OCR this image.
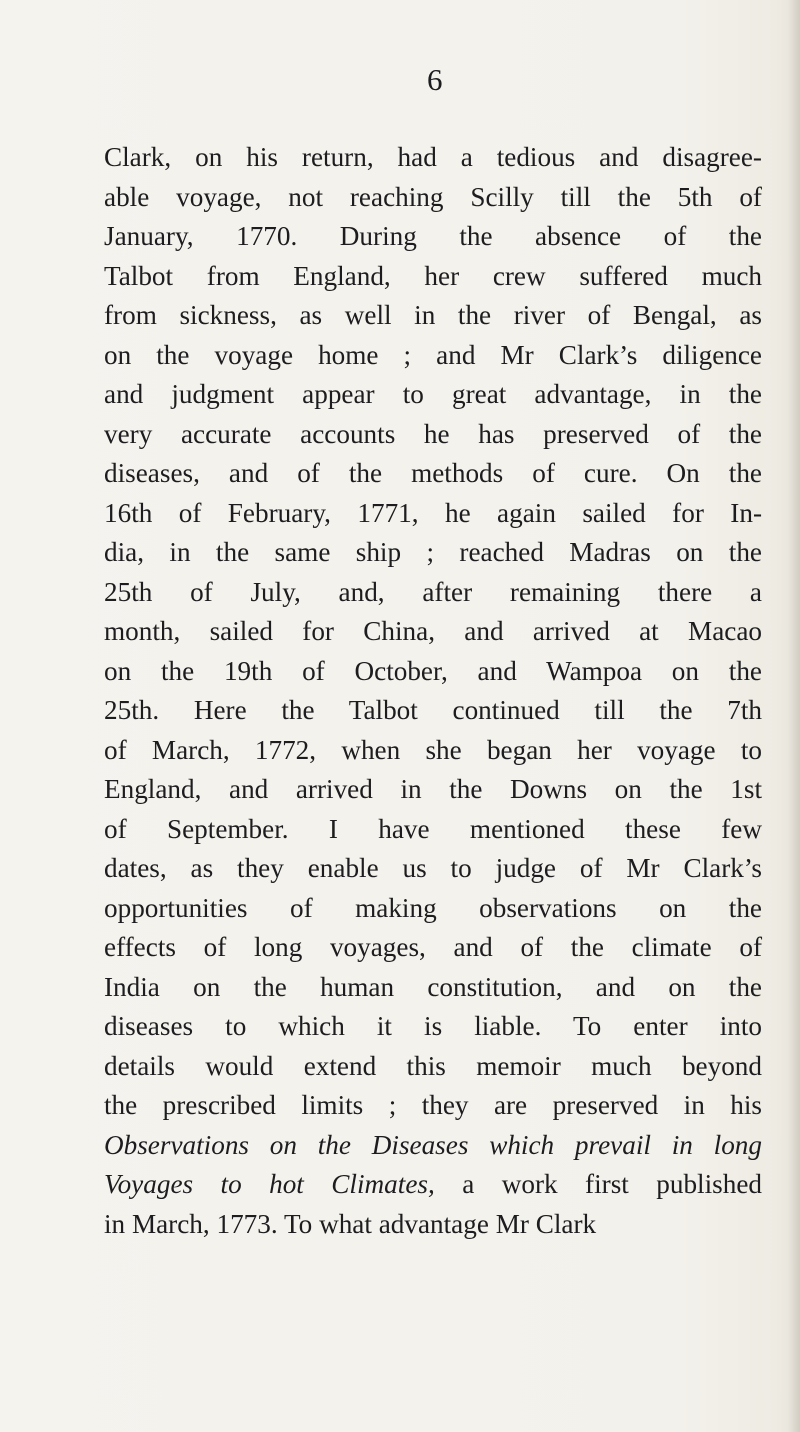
6
Clark, on his return, had a tedious and disagree-
able voyage, not reaching Scilly till the 5th of
January, 1770. During the absence of the
Talbot from England, her crew suffered much
from sickness, as well in the river of Bengal, as
on the voyage home ; and Mr Clark’s diligence
and judgment appear to great advantage, in the
very accurate accounts he has preserved of the
diseases, and of the methods of cure. On the
16th of February, 1771, he again sailed for In-
dia, in the same ship ; reached Madras on the
25th of July, and, after remaining there a
month, sailed for China, and arrived at Macao
on the 19th of October, and Wampoa on the
25th. Here the Talbot continued till the 7th
of March, 1772, when she began her voyage to
England, and arrived in the Downs on the 1st
of September. I have mentioned these few
dates, as they enable us to judge of Mr Clark’s
opportunities of making observations on the
effects of long voyages, and of the climate of
India on the human constitution, and on the
diseases to which it is liable. To enter into
details would extend this memoir much beyond
the prescribed limits ; they are preserved in his
Observations on the Diseases which prevail in long
Voyages to hot Climates, a work first published
in March, 1773. To what advantage Mr Clark
